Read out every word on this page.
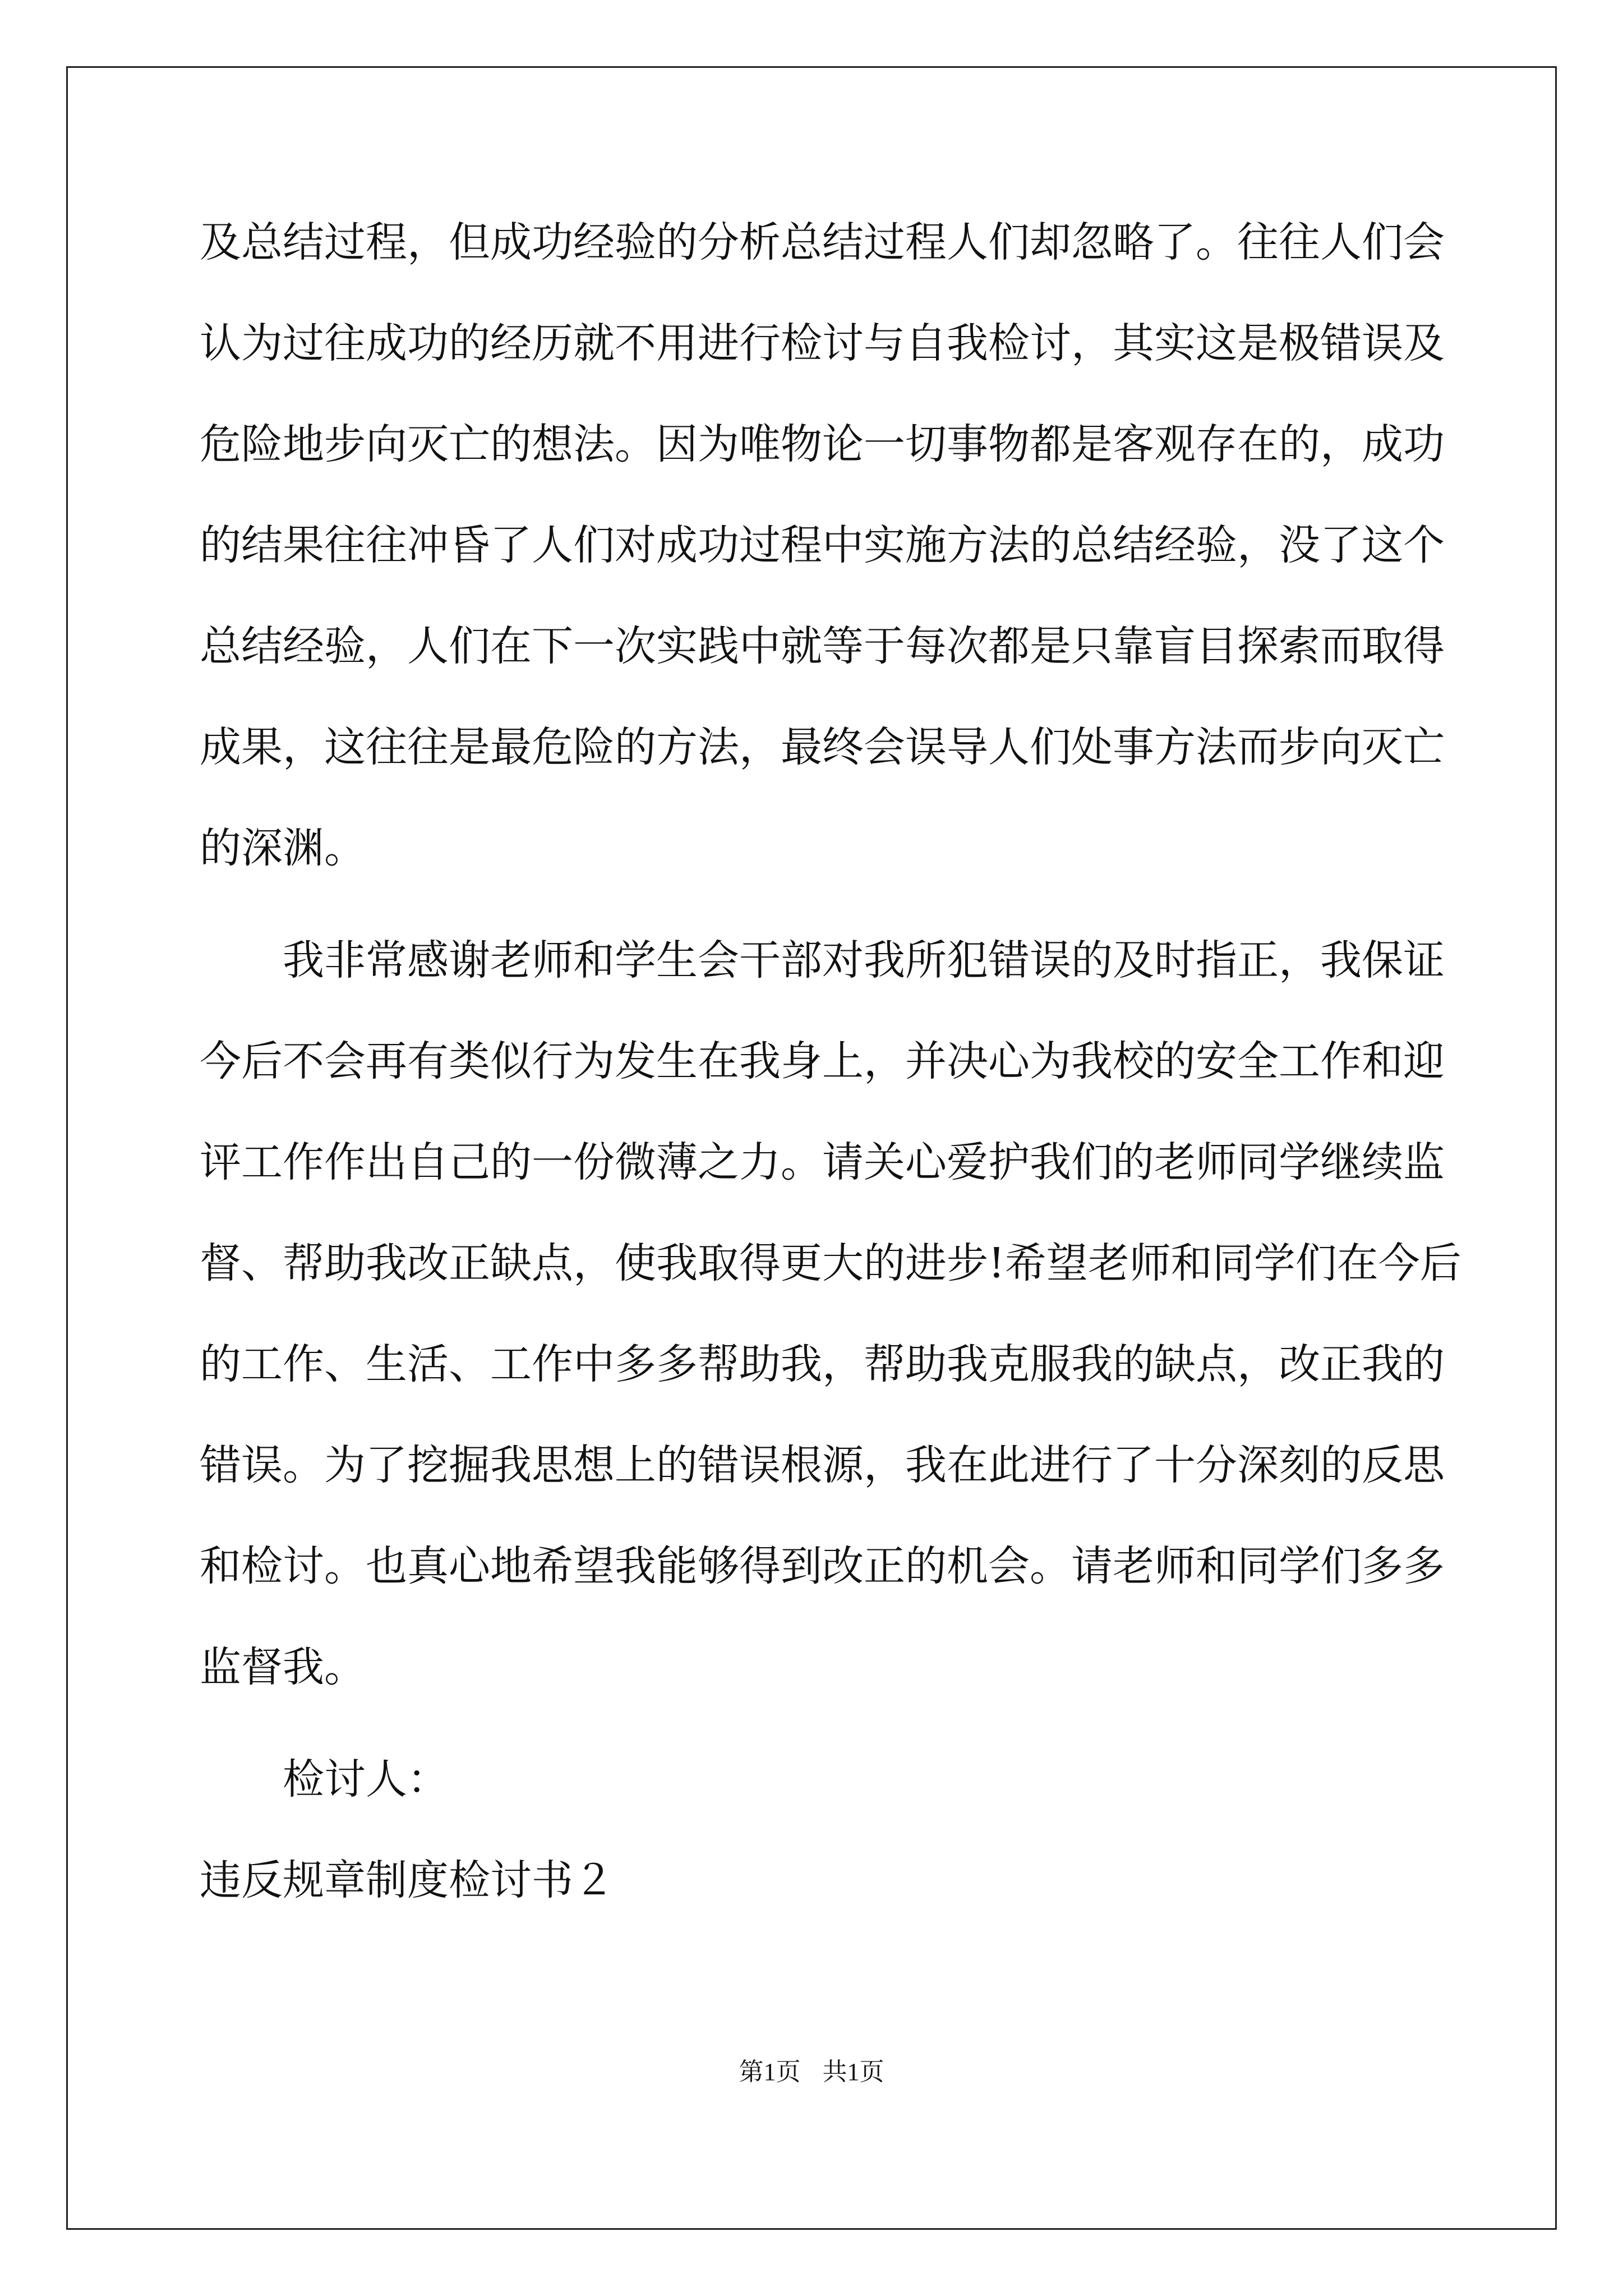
及总结过程，但成功经验的分析总结过程人们却忽略了。往往人们会
认为过往成功的经历就不用进行检讨与自我检讨，其实这是极错误及
危险地步向灭亡的想法。因为唯物论一切事物都是客观存在的，成功
的结果往往冲昏了人们对成功过程中实施方法的总结经验，没了这个
总结经验，人们在下一次实践中就等于每次都是只靠盲目探索而取得
成果，这往往是最危险的方法，最终会误导人们处事方法而步向灭亡
的深渊。
我非常感谢老师和学生会干部对我所犯错误的及时指正，我保证
今后不会再有类似行为发生在我身上，并决心为我校的安全工作和迎
评工作作出自己的一份微薄之力。请关心爱护我们的老师同学继续监
督、帮助我改正缺点，使我取得更大的进步!希望老师和同学们在今后
的工作、生活、工作中多多帮助我，帮助我克服我的缺点，改正我的
错误。为了挖掘我思想上的错误根源，我在此进行了十分深刻的反思
和检讨。也真心地希望我能够得到改正的机会。请老师和同学们多多
监督我。
检讨人：
违反规章制度检讨书２
第1页 共1页
